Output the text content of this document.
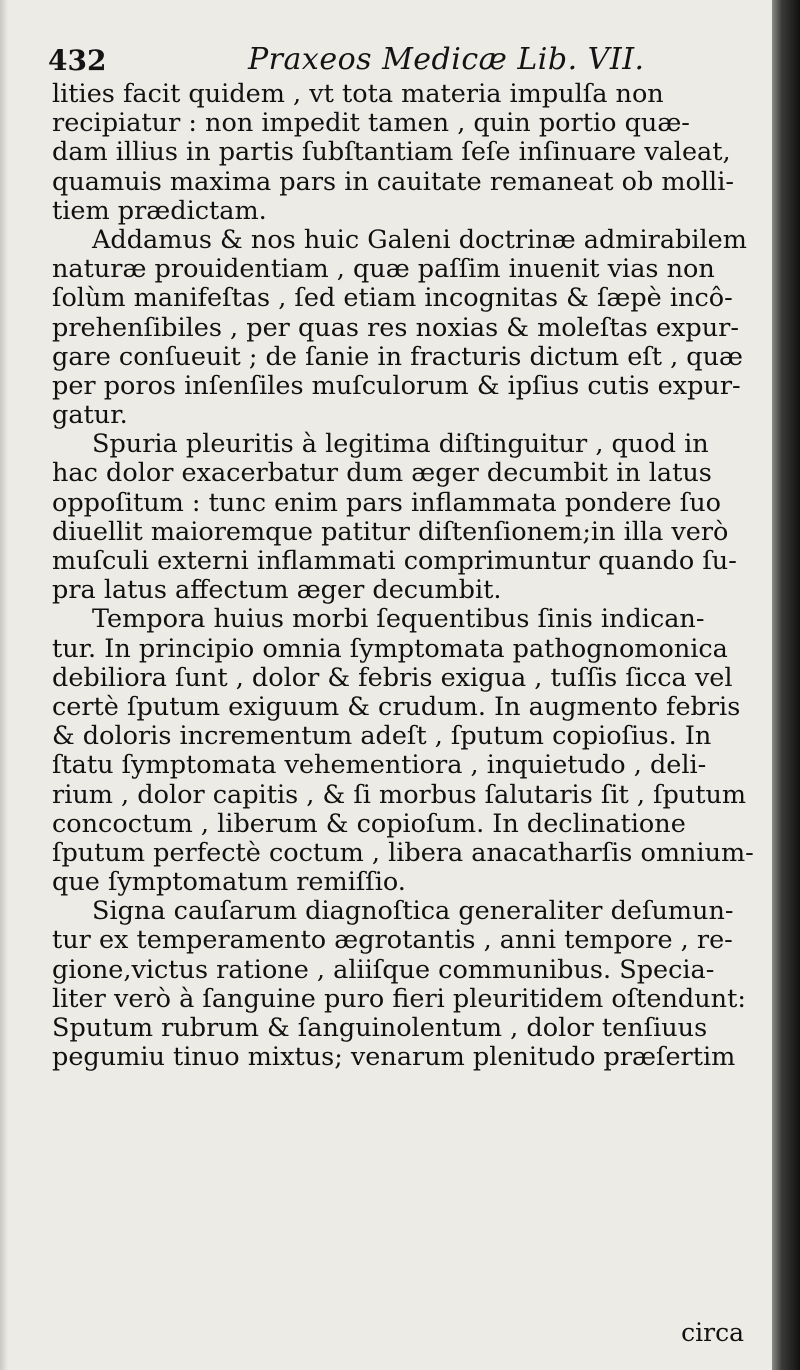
432	Praxeos Medicæ Lib. VII.
lities facit quidem , vt tota materia impulſa non
recipiatur : non impedit tamen , quin portio quæ-
dam illius in partis ſubſtantiam ſeſe inſinuare valeat,
quamuis maxima pars in cauitate remaneat ob molli-
tiem prædictam.
Addamus & nos huic Galeni doctrinæ admirabilem
naturæ prouidentiam , quæ paſſim inuenit vias non
ſolùm manifeſtas , ſed etiam incognitas & ſæpè incô-
prehenſibiles , per quas res noxias & moleſtas expur-
gare conſueuit ; de ſanie in fracturis dictum eſt , quæ
per poros inſenſiles muſculorum & ipſius cutis expur-
gatur.
Spuria pleuritis à legitima diſtinguitur , quod in
hac dolor exacerbatur dum æger decumbit in latus
oppoſitum : tunc enim pars inflammata pondere ſuo
diuellit maioremque patitur diſtenſionem;in illa verò
muſculi externi inflammati comprimuntur quando ſu-
pra latus affectum æger decumbit.
Tempora huius morbi ſequentibus ſinis indican-
tur. In principio omnia ſymptomata pathognomonica
debiliora ſunt , dolor & febris exigua , tuſſis ſicca vel
certè ſputum exiguum & crudum. In augmento febris
& doloris incrementum adeſt , ſputum copioſius. In
ſtatu ſymptomata vehementiora , inquietudo , deli-
rium , dolor capitis , & ſi morbus ſalutaris ſit , ſputum
concoctum , liberum & copioſum. In declinatione
ſputum perfectè coctum , libera anacatharſis omnium-
que ſymptomatum remiſſio.
Signa cauſarum diagnoſtica generaliter deſumun-
tur ex temperamento ægrotantis , anni tempore , re-
gione,victus ratione , aliiſque communibus. Specia-
liter verò à ſanguine puro fieri pleuritidem oſtendunt:
Sputum rubrum & ſanguinolentum , dolor tenſiuus
pegumiu tinuo mixtus; venarum plenitudo præſertim
circa
